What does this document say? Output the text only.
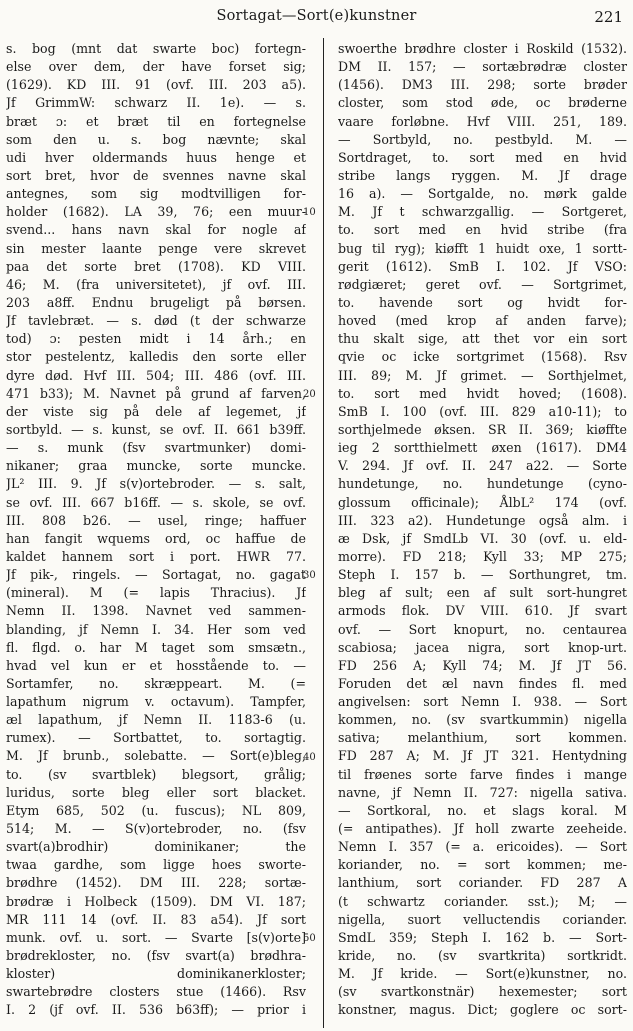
Sortagat—Sort(e)kunstner	221
s. bog (mnt dat swarte boc) fortegn-
else over dem, der have forset sig;
(1629). KD III. 91 (ovf. III. 203 a5).
Jf GrimmW: schwarz II. 1e). — s.
bræt ɔ: et bræt til en fortegnelse
som den u. s. bog nævnte; skal
udi hver oldermands huus henge et
sort bret, hvor de svennes navne skal
antegnes, som sig modtvilligen for-
holder (1682). LA 39, 76; een muur-
svend... hans navn skal for nogle af
sin mester laante penge vere skrevet
paa det sorte bret (1708). KD VIII.
46; M. (fra universitetet), jf ovf. III.
203 a8ff. Endnu brugeligt på børsen.
Jf tavlebræt. — s. død (t der schwarze
tod) ɔ: pesten midt i 14 årh.; en
stor pestelentz, kalledis den sorte eller
dyre død. Hvf III. 504; III. 486 (ovf. III.
471 b33); M. Navnet på grund af farven,
der viste sig på dele af legemet, jf
sortbyld. — s. kunst, se ovf. II. 661 b39ff.
— s. munk (fsv svartmunker) domi-
nikaner; graa muncke, sorte muncke.
JL² III. 9. Jf s(v)ortebroder. — s. salt,
se ovf. III. 667 b16ff. — s. skole, se ovf.
III. 808 b26. — usel, ringe; haffuer
han fangit wquems ord, oc haffue de
kaldet hannem sort i port. HWR 77.
Jf pik-, ringels. — Sortagat, no. gagat
(mineral). M (= lapis Thracius). Jf
Nemn II. 1398. Navnet ved sammen-
blanding, jf Nemn I. 34. Her som ved
fl. flgd. o. har M taget som smsætn.,
hvad vel kun er et hosstående to. —
Sortamfer, no. skræppeart. M. (=
lapathum nigrum v. octavum). Tampfer,
æl lapathum, jf Nemn II. 1183-6 (u.
rumex). — Sortbattet, to. sortagtig.
M. Jf brunb., solebatte. — Sort(e)bleg,
to. (sv svartblek) blegsort, grålig;
luridus, sorte bleg eller sort blacket.
Etym 685, 502 (u. fuscus); NL 809,
514; M. — S(v)ortebroder, no. (fsv
svart(a)brodhir) dominikaner; the
twaa gardhe, som ligge hoes sworte-
brødhre (1452). DM III. 228; sortæ-
brødræ i Holbeck (1509). DM VI. 187;
MR 111 14 (ovf. II. 83 a54). Jf sort
munk. ovf. u. sort. — Svarte [s(v)orte]
brødrekloster, no. (fsv svart(a) brødhra-
kloster) dominikanerkloster;
swartebrødre closters stue (1466). Rsv
I. 2 (jf ovf. II. 536 b63ff); — prior i
swoerthe brødhre closter i Roskild (1532).
DM II. 157; — sortæbrødræ closter
(1456). DM3 III. 298; sorte brøder
closter, som stod øde, oc brøderne
vaare forløbne. Hvf VIII. 251, 189.
— Sortbyld, no. pestbyld. M. —
Sortdraget, to. sort med en hvid
stribe langs ryggen. M. Jf drage
16 a). — Sortgalde, no. mørk galde
M. Jf t schwarzgallig. — Sortgeret,
to. sort med en hvid stribe (fra
bug til ryg); kiøfft 1 huidt oxe, 1 sortt-
gerit (1612). SmB I. 102. Jf VSO:
rødgiæret; geret ovf. — Sortgrimet,
to. havende sort og hvidt for-
hoved (med krop af anden farve);
thu skalt sige, att thet vor ein sort
qvie oc icke sortgrimet (1568). Rsv
III. 89; M. Jf grimet. — Sorthjelmet,
to. sort med hvidt hoved; (1608).
SmB I. 100 (ovf. III. 829 a10-11); to
sorthjelmede øksen. SR II. 369; kiøffte
ieg 2 sortthielmett øxen (1617). DM4
V. 294. Jf ovf. II. 247 a22. — Sorte
hundetunge, no. hundetunge (cyno-
glossum officinale); ÅlbL² 174 (ovf.
III. 323 a2). Hundetunge også alm. i
æ Dsk, jf SmdLb VI. 30 (ovf. u. eld-
morre). FD 218; Kyll 33; MP 275;
Steph I. 157 b. — Sorthungret, tm.
bleg af sult; een af sult sort-hungret
armods flok. DV VIII. 610. Jf svart
ovf. — Sort knopurt, no. centaurea
scabiosa; jacea nigra, sort knop-urt.
FD 256 A; Kyll 74; M. Jf JT 56.
Foruden det æl navn findes fl. med
angivelsen: sort Nemn I. 938. — Sort
kommen, no. (sv svartkummin) nigella
sativa; melanthium, sort kommen.
FD 287 A; M. Jf JT 321. Hentydning
til frøenes sorte farve findes i mange
navne, jf Nemn II. 727: nigella sativa.
— Sortkoral, no. et slags koral. M
(= antipathes). Jf holl zwarte zeeheide.
Nemn I. 357 (= a. ericoides). — Sort
koriander, no. = sort kommen; me-
lanthium, sort coriander. FD 287 A
(t schwartz coriander. sst.); M; —
nigella, suort velluctendis coriander.
SmdL 359; Steph I. 162 b. — Sort-
kride, no. (sv svartkrita) sortkridt.
M. Jf kride. — Sort(e)kunstner, no.
(sv svartkonstnär) hexemester; sort
konstner, magus. Dict; goglere oc sort-
10
20
30
40
50
